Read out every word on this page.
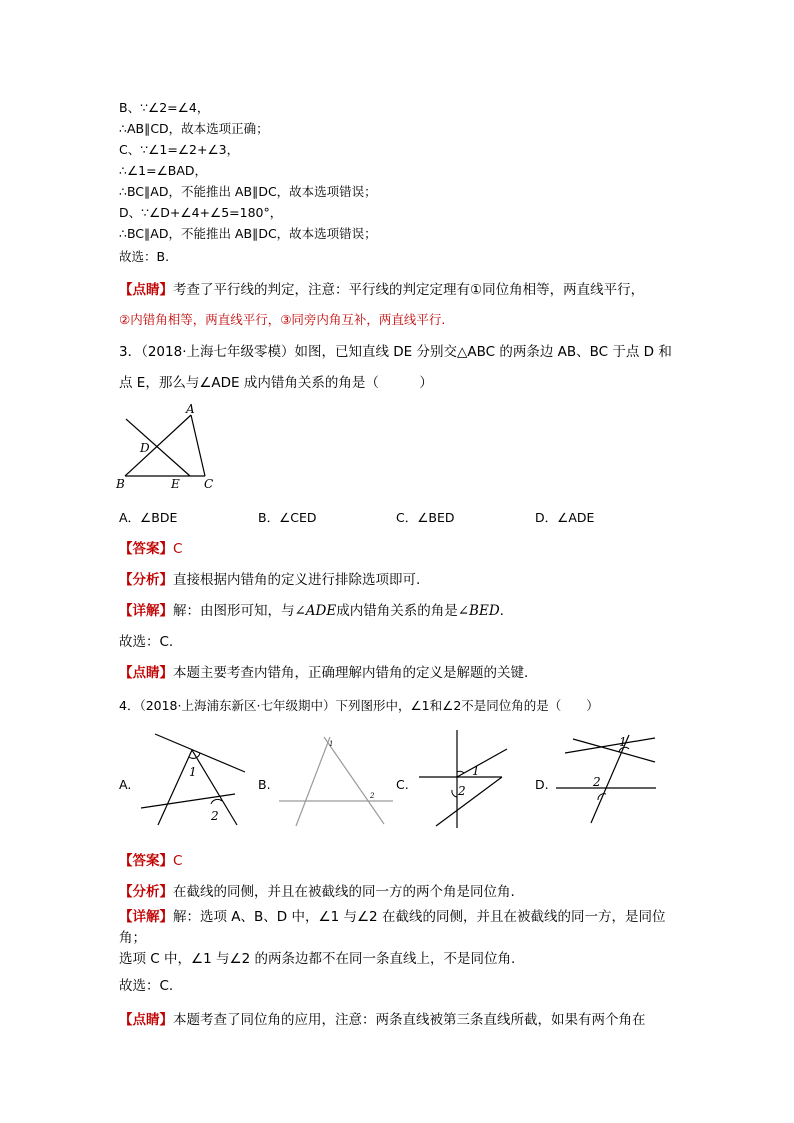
B、∵∠2=∠4，
∴AB∥CD，故本选项正确；
C、∵∠1=∠2+∠3，
∴∠1=∠BAD，
∴BC∥AD，不能推出 AB∥DC，故本选项错误；
D、∵∠D+∠4+∠5=180°，
∴BC∥AD，不能推出 AB∥DC，故本选项错误；
故选：B.
【点睛】考查了平行线的判定，注意：平行线的判定定理有①同位角相等，两直线平行，
②内错角相等，两直线平行，③同旁内角互补，两直线平行.
3．（2018·上海七年级零模）如图，已知直线 DE 分别交△ABC 的两条边 AB、BC 于点 D 和
点 E，那么与∠ADE 成内错角关系的角是（　　　）
A
B	C
D
E
A．∠BDE	B．∠CED	C．∠BED	D．∠ADE
【答案】C
【分析】直接根据内错角的定义进行排除选项即可.
【详解】解：由图形可知，与∠ADE成内错角关系的角是∠BED.
故选：C.
【点睛】本题主要考查内错角，正确理解内错角的定义是解题的关键.
4．（2018·上海浦东新区·七年级期中）下列图形中，∠1和∠2不是同位角的是（　　）
A.
1
2
B.
1
2
C.
1
2	D.
1
2
【答案】C
【分析】在截线的同侧，并且在被截线的同一方的两个角是同位角.
【详解】解：选项 A、B、D 中，∠1 与∠2 在截线的同侧，并且在被截线的同一方，是同位
角；
选项 C 中，∠1 与∠2 的两条边都不在同一条直线上，不是同位角.
故选：C.
【点睛】本题考查了同位角的应用，注意：两条直线被第三条直线所截，如果有两个角在
